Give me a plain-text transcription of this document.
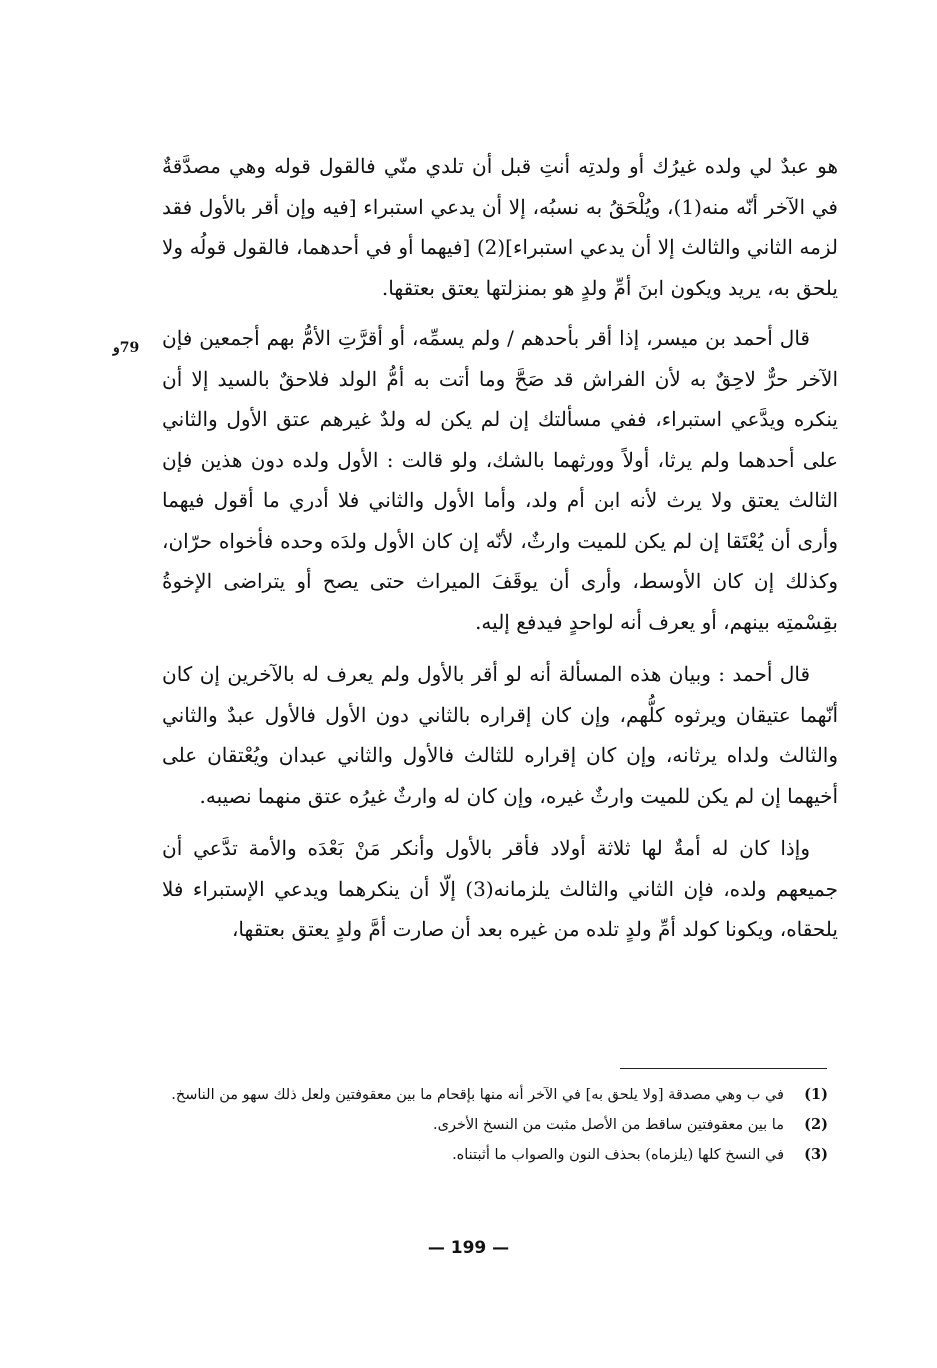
79و

هو عبدٌ لي ولده غيرُك أو ولدتِه أنتِ قبل أن تلدي منّي فالقول قوله وهي مصدَّقةٌ في الآخر أنّه منه(1)، ويُلْحَقُ به نسبُه، إلا أن يدعي استبراء [فيه وإن أقر بالأول فقد لزمه الثاني والثالث إلا أن يدعي استبراء](2) [فيهما أو في أحدهما، فالقول قولُه ولا يلحق به، يريد ويكون ابنَ أمِّ ولدٍ هو بمنزلتها يعتق بعتقها.

قال أحمد بن ميسر، إذا أقر بأحدهم / ولم يسمِّه، أو أقرَّتِ الأمُّ بهم أجمعين فإن الآخر حرٌّ لاحِقٌ به لأن الفراش قد صَحَّ وما أتت به أمُّ الولد فلاحقٌ بالسيد إلا أن ينكره ويدَّعي استبراء، ففي مسألتك إن لم يكن له ولدٌ غيرهم عتق الأول والثاني على أحدهما ولم يرثا، أولاً وورثهما بالشك، ولو قالت : الأول ولده دون هذين فإن الثالث يعتق ولا يرث لأنه ابن أم ولد، وأما الأول والثاني فلا أدري ما أقول فيهما وأرى أن يُعْتَقا إن لم يكن للميت وارثٌ، لأنّه إن كان الأول ولدَه وحده فأخواه حرّان، وكذلك إن كان الأوسط، وأرى أن يوقَفَ الميراث حتى يصح أو يتراضى الإخوةُ بقِسْمتِه بينهم، أو يعرف أنه لواحدٍ فيدفع إليه.

قال أحمد : وبيان هذه المسألة أنه لو أقر بالأول ولم يعرف له بالآخرين إن كان أنّهما عتيقان ويرثوه كلُّهم، وإن كان إقراره بالثاني دون الأول فالأول عبدٌ والثاني والثالث ولداه يرثانه، وإن كان إقراره للثالث فالأول والثاني عبدان ويُعْتقان على أخيهما إن لم يكن للميت وارثٌ غيره، وإن كان له وارثٌ غيرُه عتق منهما نصيبه.

وإذا كان له أمةٌ لها ثلاثة أولاد فأقر بالأول وأنكر مَنْ بَعْدَه والأمة تدَّعي أن جميعهم ولده، فإن الثاني والثالث يلزمانه(3) إلّا أن ينكرهما ويدعي الإستبراء فلا يلحقاه، ويكونا كولد أمِّ ولدٍ تلده من غيره بعد أن صارت أمَّ ولدٍ يعتق بعتقها،

(1)
في ب وهي مصدقة [ولا يلحق به] في الآخر أنه منها بإقحام ما بين معقوفتين ولعل ذلك سهو من الناسخ.
(2)
ما بين معقوفتين ساقط من الأصل مثبت من النسخ الأخرى.
(3)
في النسخ كلها (يلزماه) بحذف النون والصواب ما أثبتناه.
— 199 —
